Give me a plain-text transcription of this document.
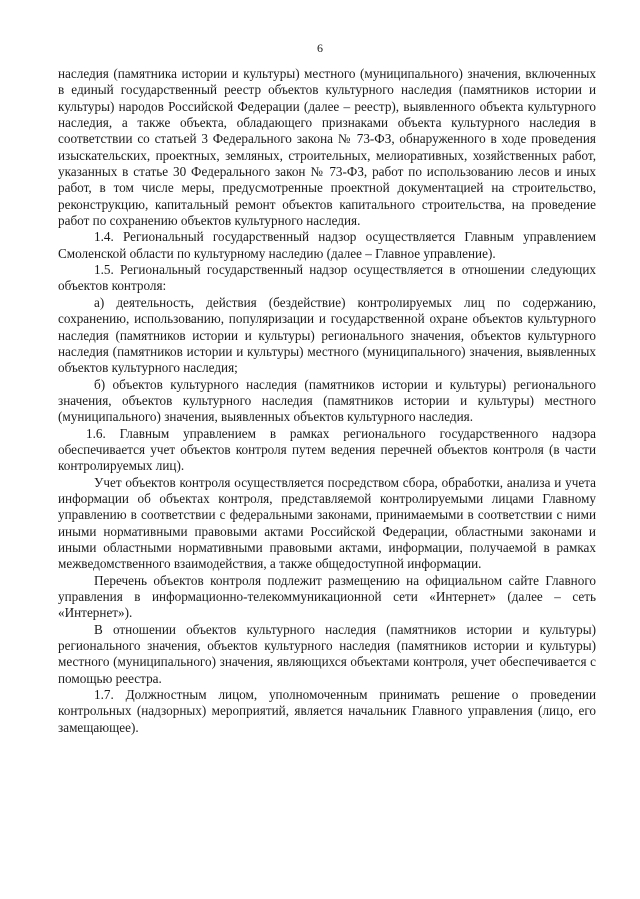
6

наследия (памятника истории и культуры) местного (муниципального) значения, включенных в единый государственный реестр объектов культурного наследия (памятников истории и культуры) народов Российской Федерации (далее – реестр), выявленного объекта культурного наследия, а также объекта, обладающего признаками объекта культурного наследия в соответствии со статьей 3 Федерального закона № 73-ФЗ, обнаруженного в ходе проведения изыскательских, проектных, земляных, строительных, мелиоративных, хозяйственных работ, указанных в статье 30 Федерального закон № 73-ФЗ, работ по использованию лесов и иных работ, в том числе меры, предусмотренные проектной документацией на строительство, реконструкцию, капитальный ремонт объектов капитального строительства, на проведение работ по сохранению объектов культурного наследия.

1.4. Региональный государственный надзор осуществляется Главным управлением Смоленской области по культурному наследию (далее – Главное управление).

1.5. Региональный государственный надзор осуществляется в отношении следующих объектов контроля:

а) деятельность, действия (бездействие) контролируемых лиц по содержанию, сохранению, использованию, популяризации и государственной охране объектов культурного наследия (памятников истории и культуры) регионального значения, объектов культурного наследия (памятников истории и культуры) местного (муниципального) значения, выявленных объектов культурного наследия;

б) объектов культурного наследия (памятников истории и культуры) регионального значения, объектов культурного наследия (памятников истории и культуры) местного (муниципального) значения, выявленных объектов культурного наследия.

1.6. Главным управлением в рамках регионального государственного надзора обеспечивается учет объектов контроля путем ведения перечней объектов контроля (в части контролируемых лиц).

Учет объектов контроля осуществляется посредством сбора, обработки, анализа и учета информации об объектах контроля, представляемой контролируемыми лицами Главному управлению в соответствии с федеральными законами, принимаемыми в соответствии с ними иными нормативными правовыми актами Российской Федерации, областными законами и иными областными нормативными правовыми актами, информации, получаемой в рамках межведомственного взаимодействия, а также общедоступной информации.

Перечень объектов контроля подлежит размещению на официальном сайте Главного управления в информационно-телекоммуникационной сети «Интернет» (далее – сеть «Интернет»).

В отношении объектов культурного наследия (памятников истории и культуры) регионального значения, объектов культурного наследия (памятников истории и культуры) местного (муниципального) значения, являющихся объектами контроля, учет обеспечивается с помощью реестра.

1.7. Должностным лицом, уполномоченным принимать решение о проведении контрольных (надзорных) мероприятий, является начальник Главного управления (лицо, его замещающее).
